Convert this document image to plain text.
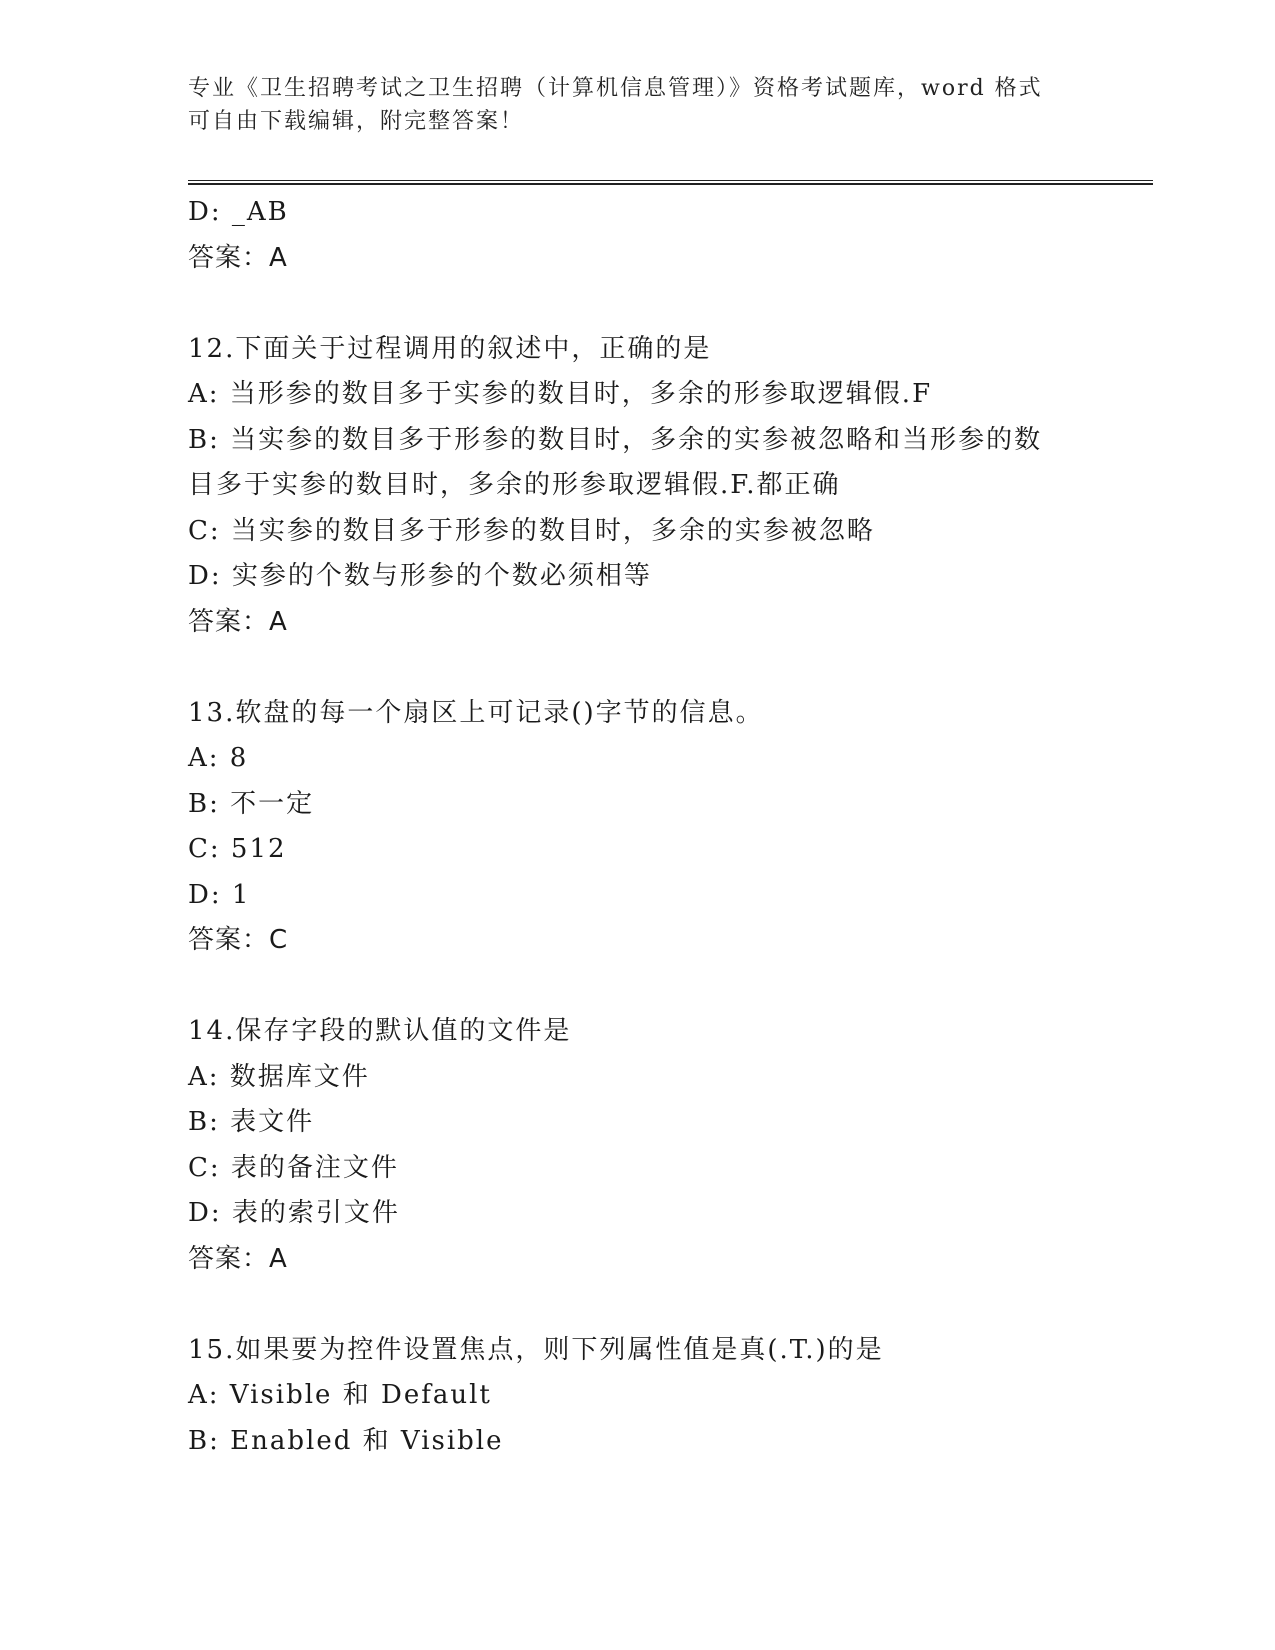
专业《卫生招聘考试之卫生招聘（计算机信息管理）》资格考试题库，word 格式
可自由下载编辑，附完整答案！

D: _AB

答案：A

12.下面关于过程调用的叙述中，正确的是

A: 当形参的数目多于实参的数目时，多余的形参取逻辑假.F

B: 当实参的数目多于形参的数目时，多余的实参被忽略和当形参的数

目多于实参的数目时，多余的形参取逻辑假.F.都正确

C: 当实参的数目多于形参的数目时，多余的实参被忽略

D: 实参的个数与形参的个数必须相等

答案：A

13.软盘的每一个扇区上可记录()字节的信息。

A: 8

B: 不一定

C: 512

D: 1

答案：C

14.保存字段的默认值的文件是

A: 数据库文件

B: 表文件

C: 表的备注文件

D: 表的索引文件

答案：A

15.如果要为控件设置焦点，则下列属性值是真(.T.)的是

A: Visible 和 Default

B: Enabled 和 Visible
